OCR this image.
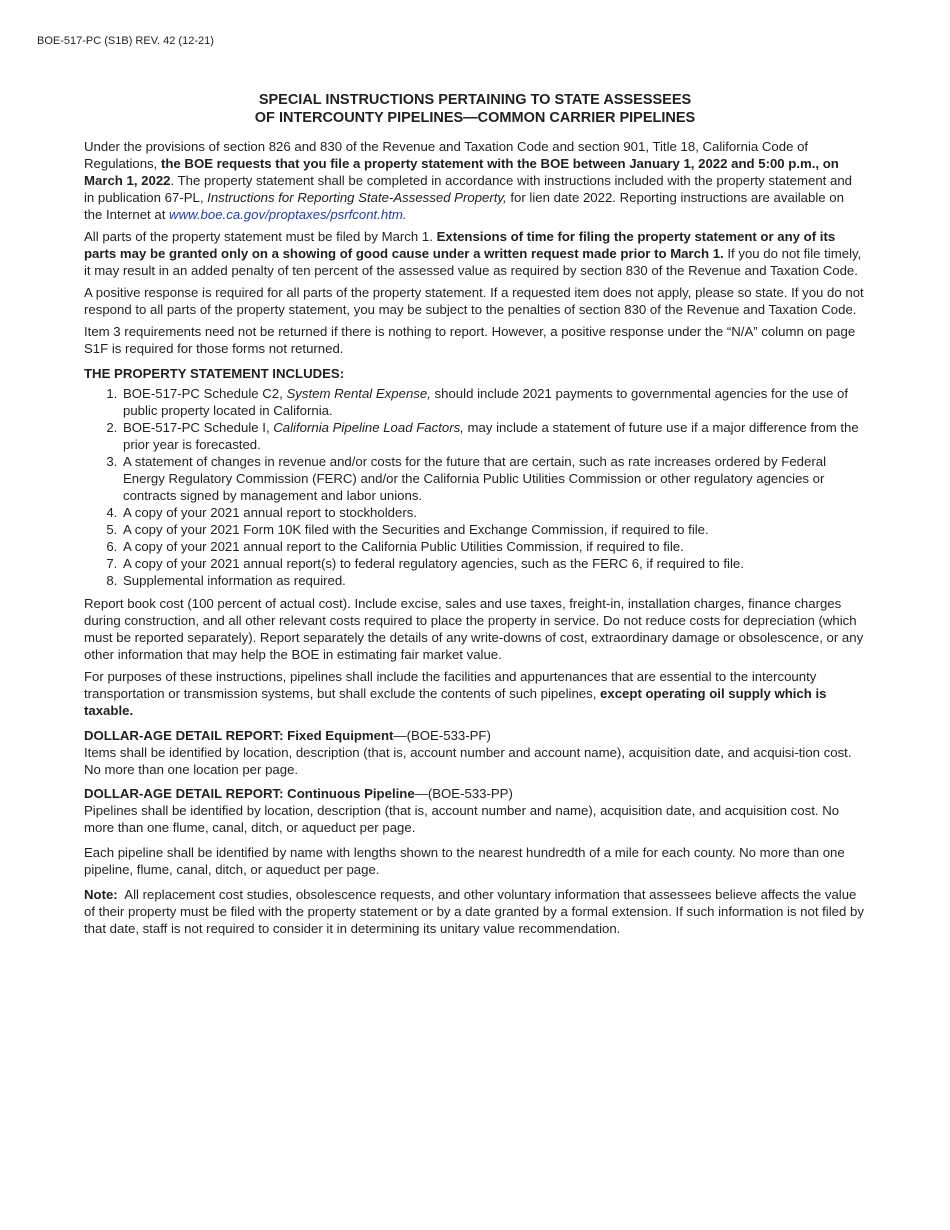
BOE-517-PC (S1B) REV. 42 (12-21)
SPECIAL INSTRUCTIONS PERTAINING TO STATE ASSESSEES
OF INTERCOUNTY PIPELINES—COMMON CARRIER PIPELINES

Under the provisions of section 826 and 830 of the Revenue and Taxation Code and section 901, Title 18, California Code of Regulations, the BOE requests that you file a property statement with the BOE between January 1, 2022 and 5:00 p.m., on March 1, 2022. The property statement shall be completed in accordance with instructions included with the property statement and in publication 67-PL, Instructions for Reporting State-Assessed Property, for lien date 2022. Reporting instructions are available on the Internet at www.boe.ca.gov/proptaxes/psrfcont.htm.

All parts of the property statement must be filed by March 1. Extensions of time for filing the property statement or any of its parts may be granted only on a showing of good cause under a written request made prior to March 1. If you do not file timely, it may result in an added penalty of ten percent of the assessed value as required by section 830 of the Revenue and Taxation Code.

A positive response is required for all parts of the property statement. If a requested item does not apply, please so state. If you do not respond to all parts of the property statement, you may be subject to the penalties of section 830 of the Revenue and Taxation Code.

Item 3 requirements need not be returned if there is nothing to report. However, a positive response under the “N/A” column on page S1F is required for those forms not returned.

THE PROPERTY STATEMENT INCLUDES:
1. BOE-517-PC Schedule C2, System Rental Expense, should include 2021 payments to governmental agencies for the use of public property located in California.
2. BOE-517-PC Schedule I, California Pipeline Load Factors, may include a statement of future use if a major difference from the prior year is forecasted.
3. A statement of changes in revenue and/or costs for the future that are certain, such as rate increases ordered by Federal Energy Regulatory Commission (FERC) and/or the California Public Utilities Commission or other regulatory agencies or contracts signed by management and labor unions.
4. A copy of your 2021 annual report to stockholders.
5. A copy of your 2021 Form 10K filed with the Securities and Exchange Commission, if required to file.
6. A copy of your 2021 annual report to the California Public Utilities Commission, if required to file.
7. A copy of your 2021 annual report(s) to federal regulatory agencies, such as the FERC 6, if required to file.
8. Supplemental information as required.

Report book cost (100 percent of actual cost). Include excise, sales and use taxes, freight-in, installation charges, finance charges during construction, and all other relevant costs required to place the property in service. Do not reduce costs for depreciation (which must be reported separately). Report separately the details of any write-downs of cost, extraordinary damage or obsolescence, or any other information that may help the BOE in estimating fair market value.

For purposes of these instructions, pipelines shall include the facilities and appurtenances that are essential to the intercounty transportation or transmission systems, but shall exclude the contents of such pipelines, except operating oil supply which is taxable.

DOLLAR-AGE DETAIL REPORT: Fixed Equipment—(BOE-533-PF)
Items shall be identified by location, description (that is, account number and account name), acquisition date, and acquisi-tion cost. No more than one location per page.
DOLLAR-AGE DETAIL REPORT: Continuous Pipeline—(BOE-533-PP)
Pipelines shall be identified by location, description (that is, account number and name), acquisition date, and acquisition cost. No more than one flume, canal, ditch, or aqueduct per page.

Each pipeline shall be identified by name with lengths shown to the nearest hundredth of a mile for each county. No more than one pipeline, flume, canal, ditch, or aqueduct per page.

Note:  All replacement cost studies, obsolescence requests, and other voluntary information that assessees believe affects the value of their property must be filed with the property statement or by a date granted by a formal extension. If such information is not filed by that date, staff is not required to consider it in determining its unitary value recommendation.
